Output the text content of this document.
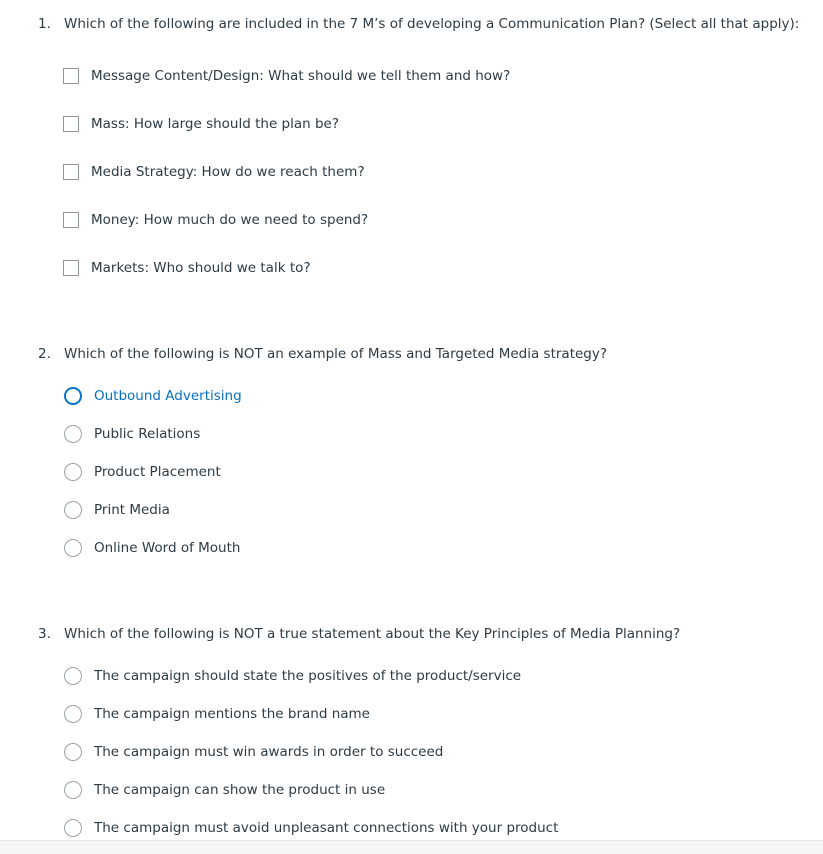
1. Which of the following are included in the 7 M’s of developing a Communication Plan? (Select all that apply):
Message Content/Design: What should we tell them and how?
Mass: How large should the plan be?
Media Strategy: How do we reach them?
Money: How much do we need to spend?
Markets: Who should we talk to?
2. Which of the following is NOT an example of Mass and Targeted Media strategy?
Outbound Advertising
Public Relations
Product Placement
Print Media
Online Word of Mouth
3. Which of the following is NOT a true statement about the Key Principles of Media Planning?
The campaign should state the positives of the product/service
The campaign mentions the brand name
The campaign must win awards in order to succeed
The campaign can show the product in use
The campaign must avoid unpleasant connections with your product
